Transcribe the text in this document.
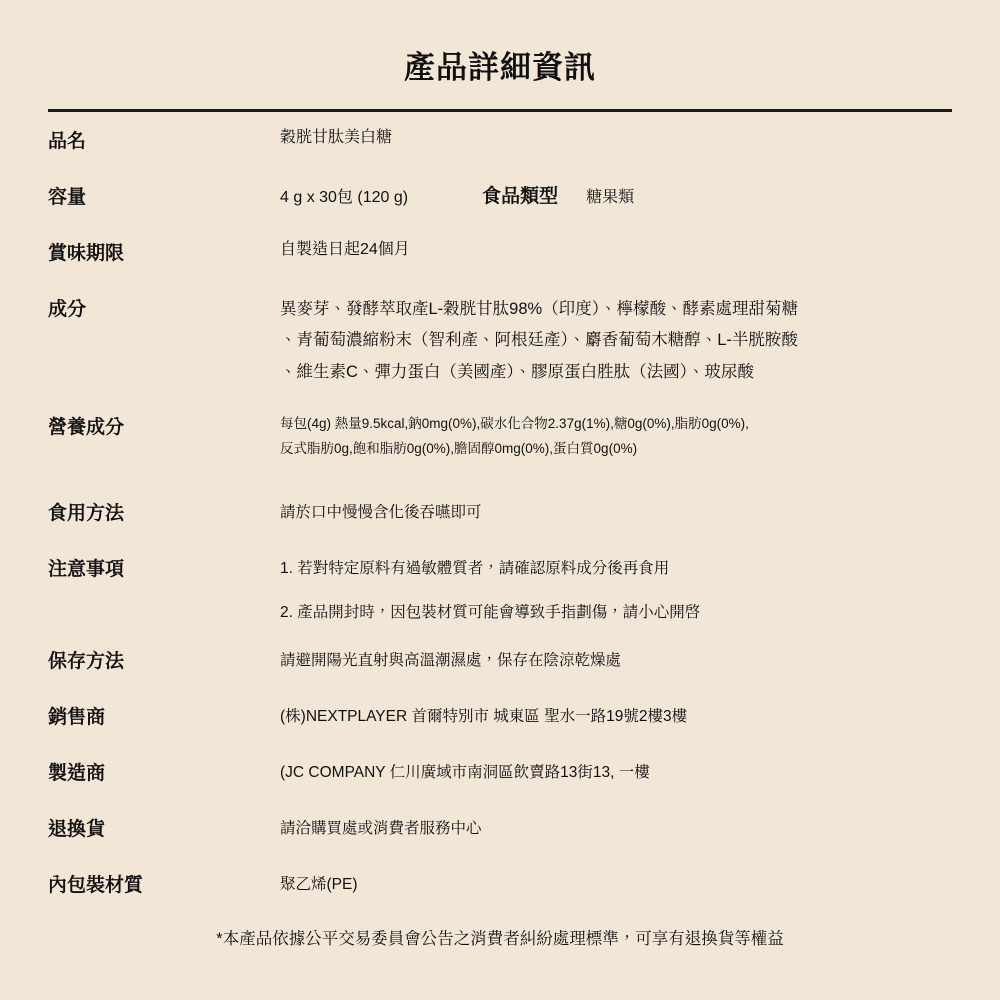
產品詳細資訊
品名	穀胱甘肽美白糖
容量	4 g x 30包 (120 g) 食品類型 糖果類

賞味期限	自製造日起24個月
成分	異麥芽、發酵萃取產L-穀胱甘肽98%（印度）、檸檬酸、酵素處理甜菊糖
、青葡萄濃縮粉末（智利產、阿根廷產）、麝香葡萄木糖醇、L-半胱胺酸
、維生素C、彈力蛋白（美國產）、膠原蛋白胜肽（法國）、玻尿酸

營養成分	每包(4g) 熱量9.5kcal,鈉0mg(0%),碳水化合物2.37g(1%),糖0g(0%),脂肪0g(0%),
反式脂肪0g,飽和脂肪0g(0%),膽固醇0mg(0%),蛋白質0g(0%)

食用方法	請於口中慢慢含化後吞嚥即可
注意事項	1. 若對特定原料有過敏體質者，請確認原料成分後再食用
2. 產品開封時，因包裝材質可能會導致手指劃傷，請小心開啓

保存方法	請避開陽光直射與高溫潮濕處，保存在陰涼乾燥處
銷售商	(株)NEXTPLAYER 首爾特別市 城東區 聖水一路19號2樓3樓
製造商	(JC COMPANY 仁川廣域市南洞區飲賣路13街13, 一樓
退換貨	請洽購買處或消費者服務中心
內包裝材質	聚乙烯(PE)
*本產品依據公平交易委員會公告之消費者糾紛處理標準，可享有退換貨等權益
